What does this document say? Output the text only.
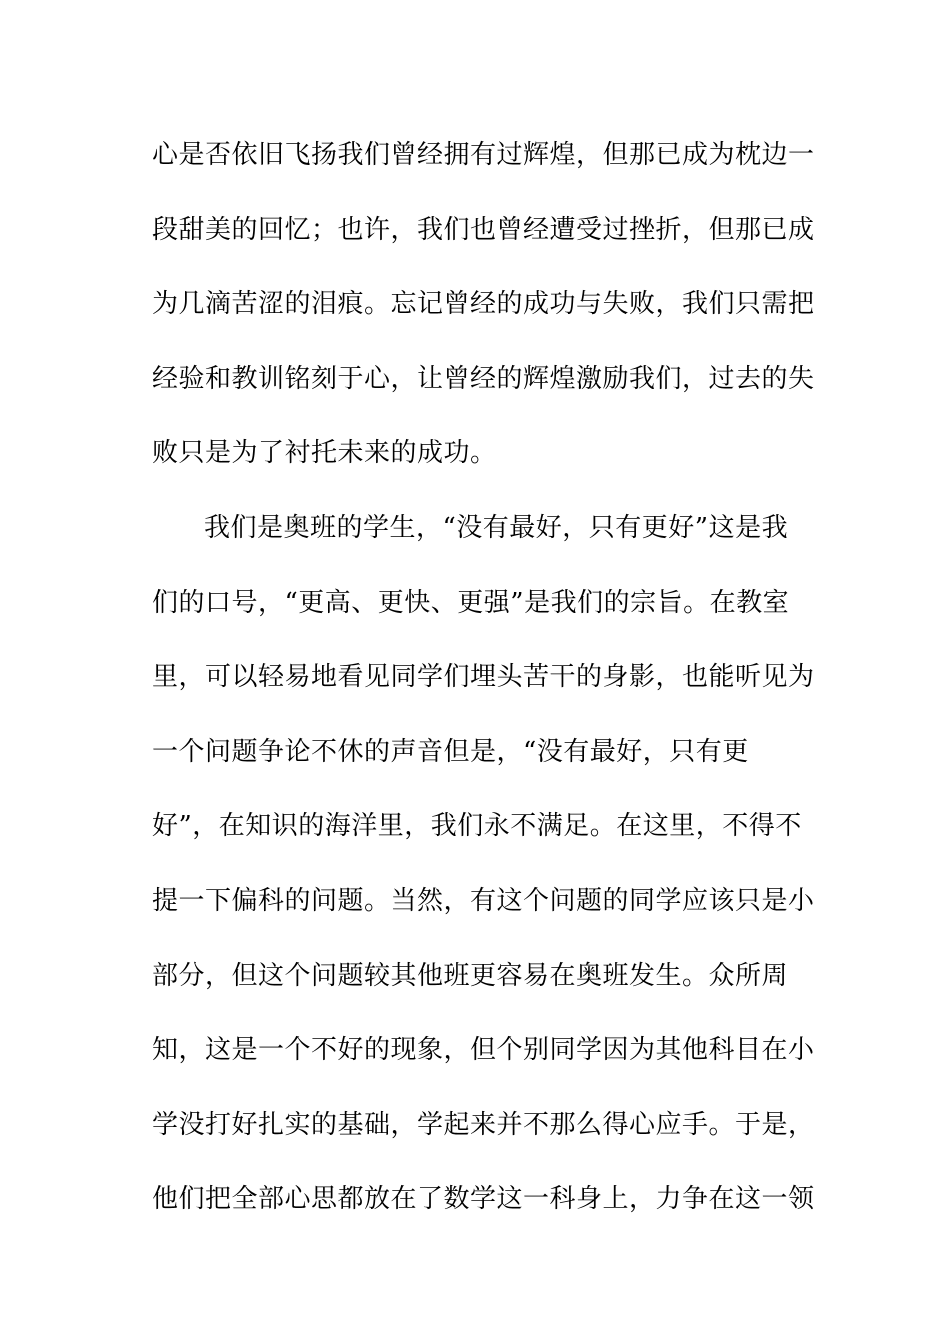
心是否依旧飞扬我们曾经拥有过辉煌，但那已成为枕边一
段甜美的回忆；也许，我们也曾经遭受过挫折，但那已成
为几滴苦涩的泪痕。忘记曾经的成功与失败，我们只需把
经验和教训铭刻于心，让曾经的辉煌激励我们，过去的失
败只是为了衬托未来的成功。
我们是奥班的学生，“没有最好，只有更好”这是我
们的口号，“更高、更快、更强”是我们的宗旨。在教室
里，可以轻易地看见同学们埋头苦干的身影，也能听见为
一个问题争论不休的声音但是，“没有最好，只有更
好”，在知识的海洋里，我们永不满足。在这里，不得不
提一下偏科的问题。当然，有这个问题的同学应该只是小
部分，但这个问题较其他班更容易在奥班发生。众所周
知，这是一个不好的现象，但个别同学因为其他科目在小
学没打好扎实的基础，学起来并不那么得心应手。于是，
他们把全部心思都放在了数学这一科身上，力争在这一领
